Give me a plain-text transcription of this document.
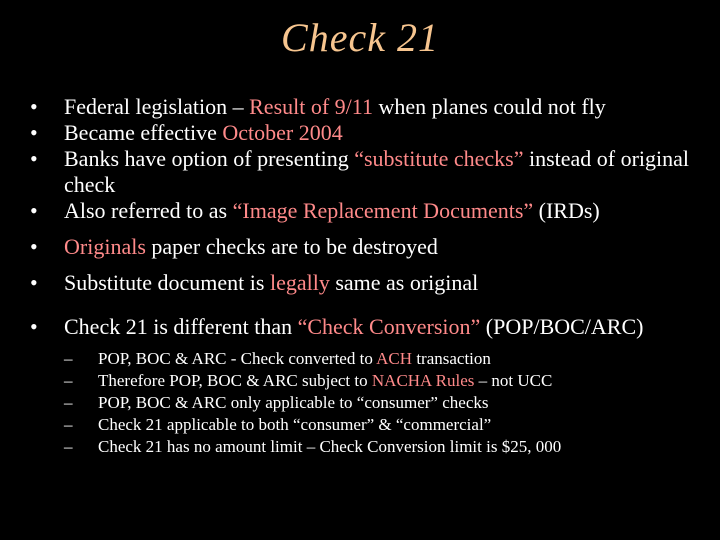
Check 21
• Federal legislation – Result of 9/11 when planes could not fly
• Became effective October 2004
• Banks have option of presenting “substitute checks” instead of original check
• Also referred to as “Image Replacement Documents” (IRDs)
• Originals paper checks are to be destroyed
• Substitute document is legally same as original
• Check 21 is different than “Check Conversion” (POP/BOC/ARC)
– POP, BOC & ARC - Check converted to ACH transaction
– Therefore POP, BOC & ARC subject to NACHA Rules – not UCC
– POP, BOC & ARC only applicable to “consumer” checks
– Check 21 applicable to both “consumer” & “commercial”
– Check 21 has no amount limit – Check Conversion limit is $25, 000
